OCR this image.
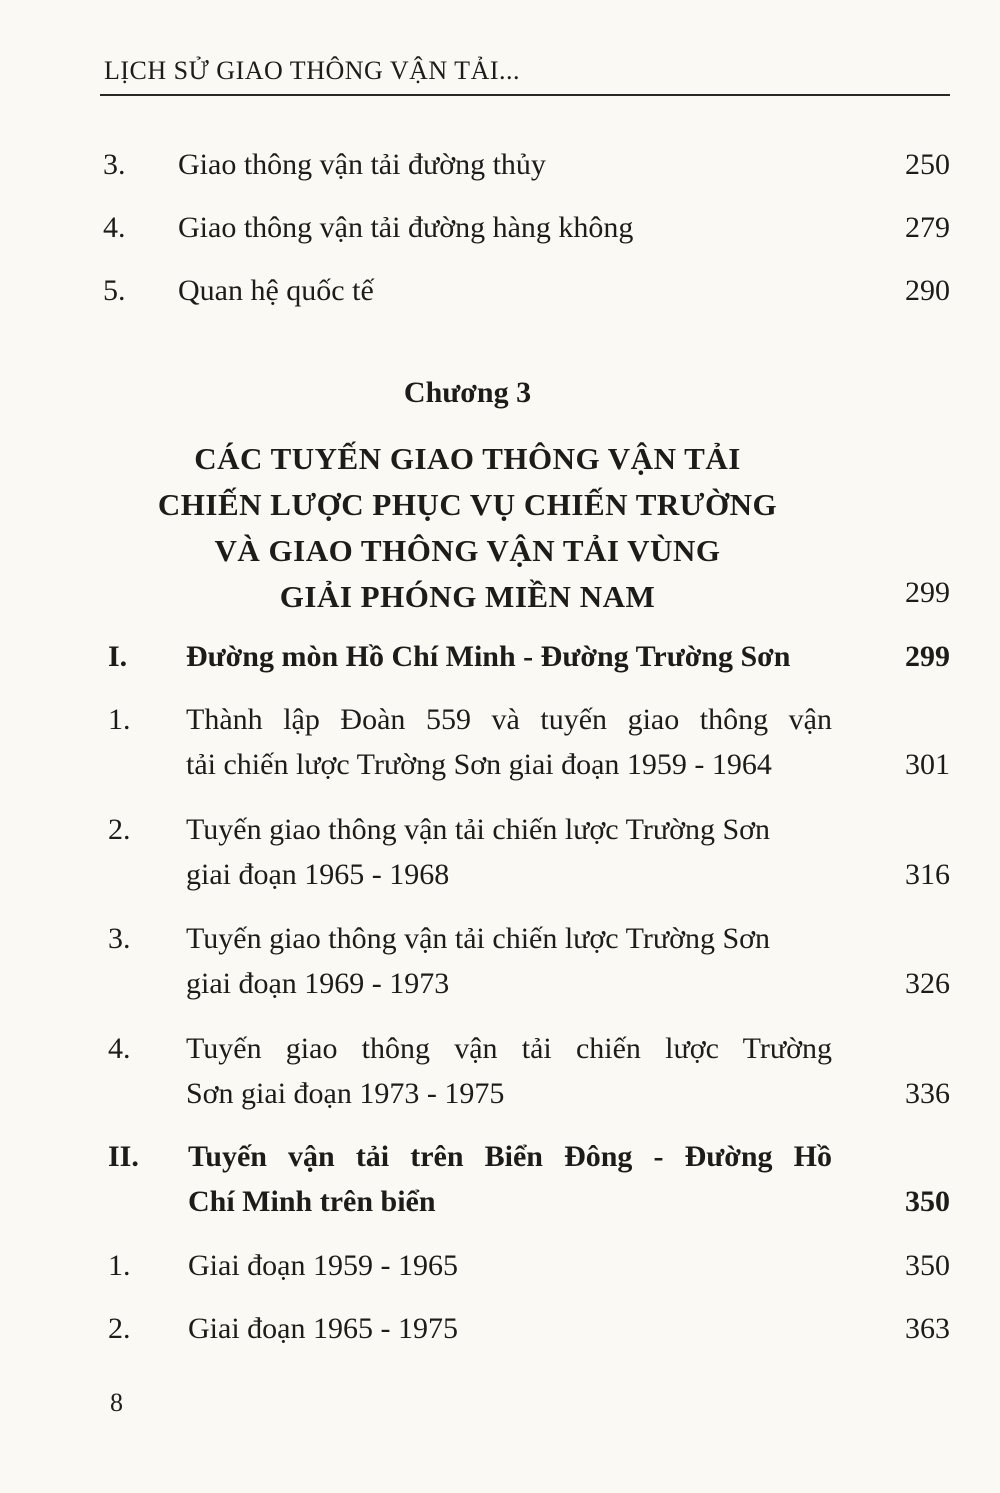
LỊCH SỬ GIAO THÔNG VẬN TẢI...
3. Giao thông vận tải đường thủy	250
4. Giao thông vận tải đường hàng không	279
5. Quan hệ quốc tế	290
Chương 3
CÁC TUYẾN GIAO THÔNG VẬN TẢI
CHIẾN LƯỢC PHỤC VỤ CHIẾN TRƯỜNG
VÀ GIAO THÔNG VẬN TẢI VÙNG
GIẢI PHÓNG MIỀN NAM	299
I. Đường mòn Hồ Chí Minh - Đường Trường Sơn	299
1. Thành lập Đoàn 559 và tuyến giao thông vận
tải chiến lược Trường Sơn giai đoạn 1959 - 1964	301
2. Tuyến giao thông vận tải chiến lược Trường Sơn
giai đoạn 1965 - 1968	316
3. Tuyến giao thông vận tải chiến lược Trường Sơn
giai đoạn 1969 - 1973	326
4. Tuyến giao thông vận tải chiến lược Trường
Sơn giai đoạn 1973 - 1975	336
II. Tuyến vận tải trên Biển Đông - Đường Hồ
Chí Minh trên biển	350
1. Giai đoạn 1959 - 1965	350
2. Giai đoạn 1965 - 1975	363
8
